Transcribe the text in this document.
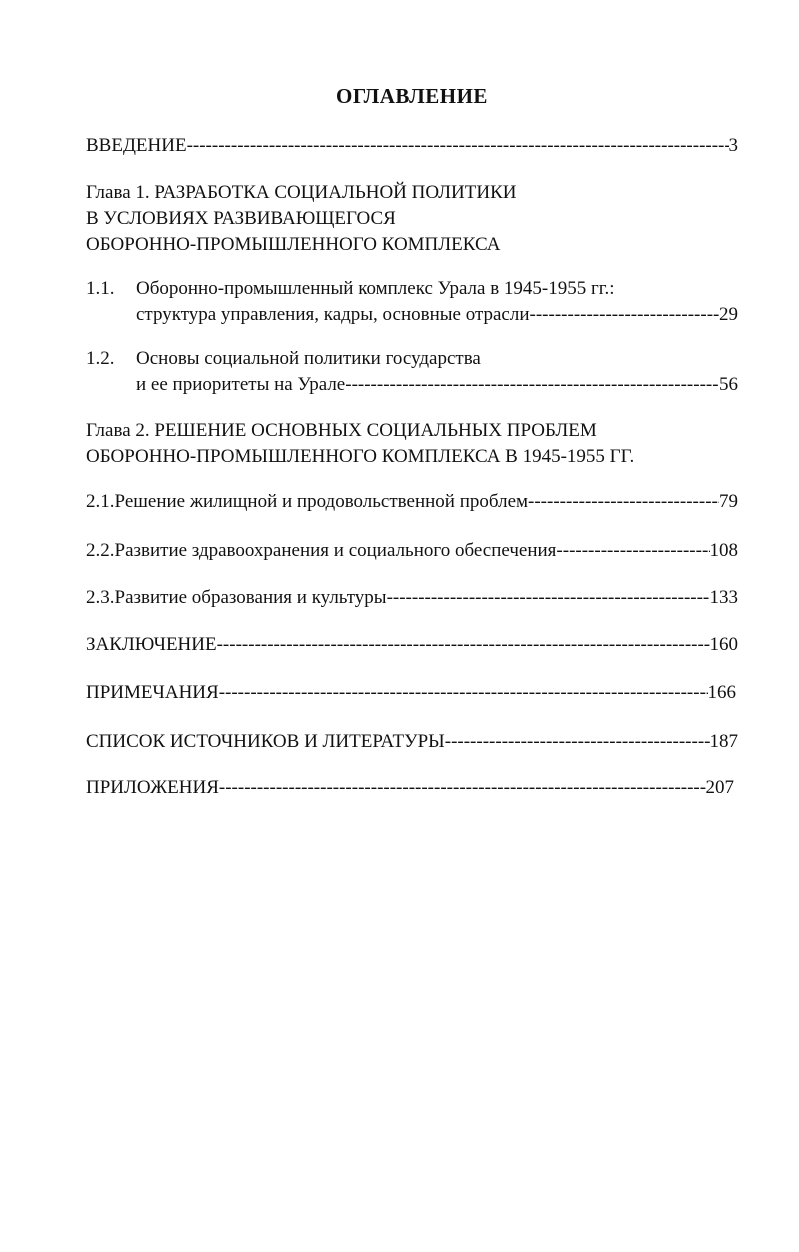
ОГЛАВЛЕНИЕ
ВВЕДЕНИЕ -----	3
Глава 1. РАЗРАБОТКА СОЦИАЛЬНОЙ ПОЛИТИКИ
В УСЛОВИЯХ РАЗВИВАЮЩЕГОСЯ
ОБОРОННО-ПРОМЫШЛЕННОГО КОМПЛЕКСА
1.1. Оборонно-промышленный комплекс Урала в 1945-1955 гг.:
структура управления, кадры, основные отрасли -----	29
1.2. Основы социальной политики государства
и ее приоритеты на Урале -----	56
Глава 2. РЕШЕНИЕ ОСНОВНЫХ СОЦИАЛЬНЫХ ПРОБЛЕМ
ОБОРОННО-ПРОМЫШЛЕННОГО КОМПЛЕКСА В 1945-1955 ГГ.
2.1. Решение жилищной и продовольственной проблем -----	79
2.2. Развитие здравоохранения и социального обеспечения -----	108
2.3. Развитие образования и культуры -----	133
ЗАКЛЮЧЕНИЕ -----	160
ПРИМЕЧАНИЯ -----	166
СПИСОК ИСТОЧНИКОВ И ЛИТЕРАТУРЫ -----	187
ПРИЛОЖЕНИЯ -----	207
